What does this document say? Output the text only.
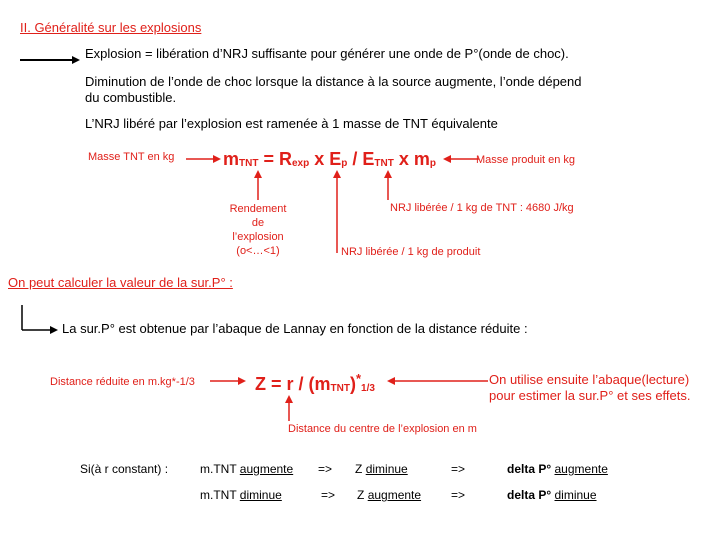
II. Généralité sur les explosions
Explosion = libération d’NRJ suffisante pour générer une onde de P°(onde de choc).
Diminution de l’onde de choc lorsque la distance à la source augmente, l’onde dépend
du combustible.
L’NRJ libéré par l’explosion est ramenée à 1 masse de TNT équivalente
Masse TNT en kg	$m_{TNT} = R_{exp}$ x $E_p / E_{TNT}$ x $m_p$	Masse produit en kg
Rendement
de
l’explosion
(o<…<1)
NRJ libérée / 1 kg de TNT : 4680 J/kg
NRJ libérée / 1 kg de produit
On peut calculer la valeur de la sur.P° :
La sur.P° est obtenue par l’abaque de Lannay en fonction de la distance réduite :
Distance réduite en m.kg*-1/3	$Z = r / (m_{TNT})^*_{1/3}$
On utilise ensuite l’abaque(lecture)
pour estimer la sur.P° et ses effets.
Distance du centre de l’explosion en m
Si(à r constant) :	m.TNT augmente => Z diminue	=>	delta P° augmente
m.TNT diminue	=> Z augmente =>	delta P° diminue
